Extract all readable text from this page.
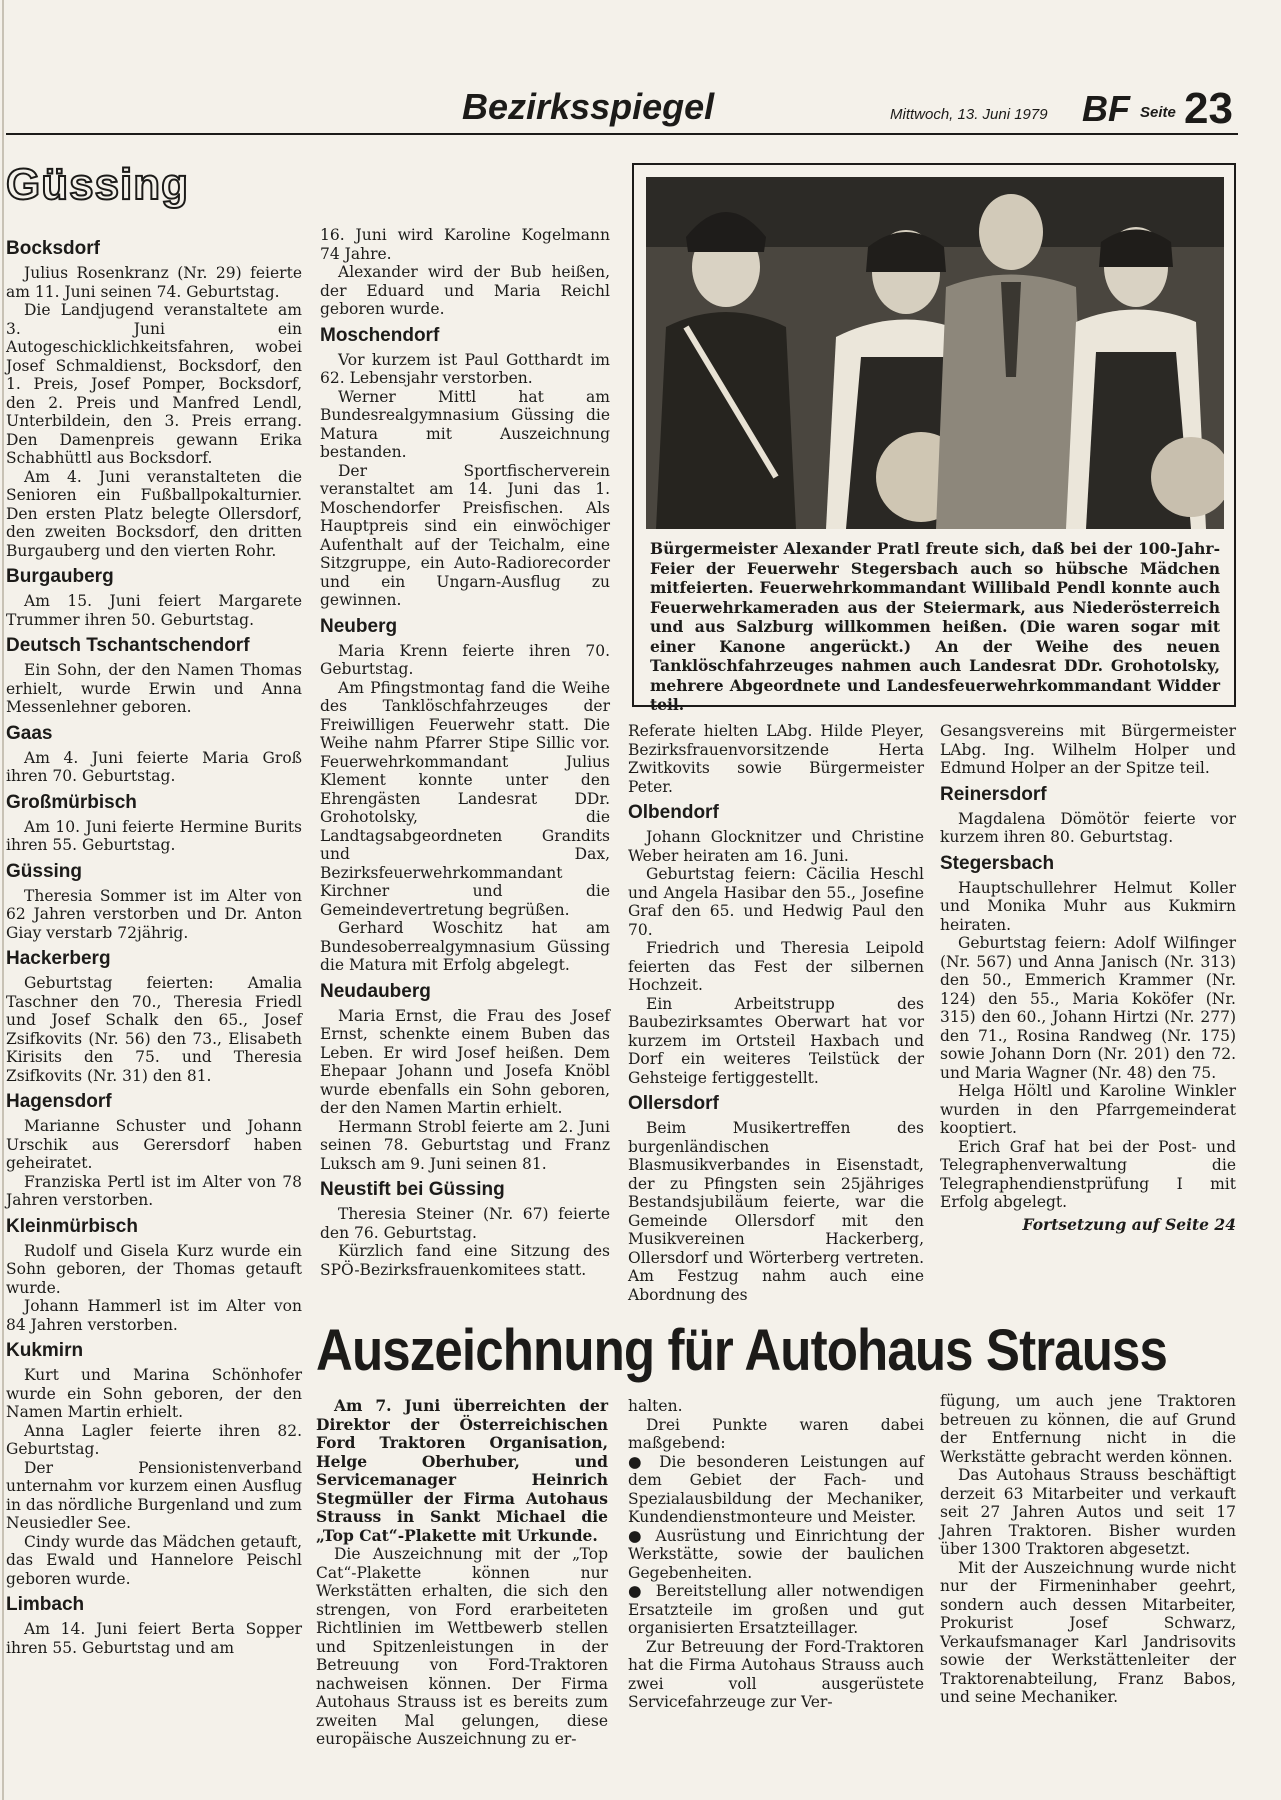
Bezirksspiegel	Mittwoch, 13. Juni 1979 BF Seite 23
Güssing
Bocksdorf

Julius Rosenkranz (Nr. 29) feierte am 11. Juni seinen 74. Geburtstag.

Die Landjugend veranstaltete am 3. Juni ein Autogeschicklichkeitsfahren, wobei Josef Schmaldienst, Bocksdorf, den 1. Preis, Josef Pomper, Bocksdorf, den 2. Preis und Manfred Lendl, Unterbildein, den 3. Preis errang. Den Damenpreis gewann Erika Schabhüttl aus Bocksdorf.

Am 4. Juni veranstalteten die Senioren ein Fußballpokalturnier. Den ersten Platz belegte Ollersdorf, den zweiten Bocksdorf, den dritten Burgauberg und den vierten Rohr.

Burgauberg

Am 15. Juni feiert Margarete Trummer ihren 50. Geburtstag.

Deutsch Tschantschendorf

Ein Sohn, der den Namen Thomas erhielt, wurde Erwin und Anna Messenlehner geboren.

Gaas

Am 4. Juni feierte Maria Groß ihren 70. Geburtstag.

Großmürbisch

Am 10. Juni feierte Hermine Burits ihren 55. Geburtstag.

Güssing

Theresia Sommer ist im Alter von 62 Jahren verstorben und Dr. Anton Giay verstarb 72jährig.

Hackerberg

Geburtstag feierten: Amalia Taschner den 70., Theresia Friedl und Josef Schalk den 65., Josef Zsifkovits (Nr. 56) den 73., Elisabeth Kirisits den 75. und Theresia Zsifkovits (Nr. 31) den 81.

Hagensdorf

Marianne Schuster und Johann Urschik aus Gerersdorf haben geheiratet.

Franziska Pertl ist im Alter von 78 Jahren verstorben.

Kleinmürbisch

Rudolf und Gisela Kurz wurde ein Sohn geboren, der Thomas getauft wurde.

Johann Hammerl ist im Alter von 84 Jahren verstorben.

Kukmirn

Kurt und Marina Schönhofer wurde ein Sohn geboren, der den Namen Martin erhielt.

Anna Lagler feierte ihren 82. Geburtstag.

Der Pensionistenverband unternahm vor kurzem einen Ausflug in das nördliche Burgenland und zum Neusiedler See.

Cindy wurde das Mädchen getauft, das Ewald und Hannelore Peischl geboren wurde.

Limbach

Am 14. Juni feiert Berta Sopper ihren 55. Geburtstag und am

16. Juni wird Karoline Kogelmann 74 Jahre.

Alexander wird der Bub heißen, der Eduard und Maria Reichl geboren wurde.

Moschendorf

Vor kurzem ist Paul Gotthardt im 62. Lebensjahr verstorben.

Werner Mittl hat am Bundesrealgymnasium Güssing die Matura mit Auszeichnung bestanden.

Der Sportfischerverein veranstaltet am 14. Juni das 1. Moschendorfer Preisfischen. Als Hauptpreis sind ein einwöchiger Aufenthalt auf der Teichalm, eine Sitzgruppe, ein Auto-Radiorecorder und ein Ungarn-Ausflug zu gewinnen.

Neuberg

Maria Krenn feierte ihren 70. Geburtstag.

Am Pfingstmontag fand die Weihe des Tanklöschfahrzeuges der Freiwilligen Feuerwehr statt. Die Weihe nahm Pfarrer Stipe Sillic vor. Feuerwehrkommandant Julius Klement konnte unter den Ehrengästen Landesrat DDr. Grohotolsky, die Landtagsabgeordneten Grandits und Dax, Bezirksfeuerwehrkommandant Kirchner und die Gemeindevertretung begrüßen.

Gerhard Woschitz hat am Bundesoberrealgymnasium Güssing die Matura mit Erfolg abgelegt.

Neudauberg

Maria Ernst, die Frau des Josef Ernst, schenkte einem Buben das Leben. Er wird Josef heißen. Dem Ehepaar Johann und Josefa Knöbl wurde ebenfalls ein Sohn geboren, der den Namen Martin erhielt.

Hermann Strobl feierte am 2. Juni seinen 78. Geburtstag und Franz Luksch am 9. Juni seinen 81.

Neustift bei Güssing

Theresia Steiner (Nr. 67) feierte den 76. Geburtstag.

Kürzlich fand eine Sitzung des SPÖ-Bezirksfrauenkomitees statt.

Bürgermeister Alexander Pratl freute sich, daß bei der 100-Jahr-Feier der Feuerwehr Stegersbach auch so hübsche Mädchen mitfeierten. Feuerwehrkommandant Willibald Pendl konnte auch Feuerwehrkameraden aus der Steiermark, aus Niederösterreich und aus Salzburg willkommen heißen. (Die waren sogar mit einer Kanone angerückt.) An der Weihe des neuen Tanklöschfahrzeuges nahmen auch Landesrat DDr. Grohotolsky, mehrere Abgeordnete und Landesfeuerwehrkommandant Widder teil.

Referate hielten LAbg. Hilde Pleyer, Bezirksfrauenvorsitzende Herta Zwitkovits sowie Bürgermeister Peter.

Olbendorf

Johann Glocknitzer und Christine Weber heiraten am 16. Juni.

Geburtstag feiern: Cäcilia Heschl und Angela Hasibar den 55., Josefine Graf den 65. und Hedwig Paul den 70.

Friedrich und Theresia Leipold feierten das Fest der silbernen Hochzeit.

Ein Arbeitstrupp des Baubezirksamtes Oberwart hat vor kurzem im Ortsteil Haxbach und Dorf ein weiteres Teilstück der Gehsteige fertiggestellt.

Ollersdorf

Beim Musikertreffen des burgenländischen Blasmusikverbandes in Eisenstadt, der zu Pfingsten sein 25jähriges Bestandsjubiläum feierte, war die Gemeinde Ollersdorf mit den Musikvereinen Hackerberg, Ollersdorf und Wörterberg vertreten. Am Festzug nahm auch eine Abordnung des

Gesangsvereins mit Bürgermeister LAbg. Ing. Wilhelm Holper und Edmund Holper an der Spitze teil.

Reinersdorf

Magdalena Dömötör feierte vor kurzem ihren 80. Geburtstag.

Stegersbach

Hauptschullehrer Helmut Koller und Monika Muhr aus Kukmirn heiraten.

Geburtstag feiern: Adolf Wilfinger (Nr. 567) und Anna Janisch (Nr. 313) den 50., Emmerich Krammer (Nr. 124) den 55., Maria Koköfer (Nr. 315) den 60., Johann Hirtzi (Nr. 277) den 71., Rosina Randweg (Nr. 175) sowie Johann Dorn (Nr. 201) den 72. und Maria Wagner (Nr. 48) den 75.

Helga Höltl und Karoline Winkler wurden in den Pfarrgemeinderat kooptiert.

Erich Graf hat bei der Post- und Telegraphenverwaltung die Telegraphendienstprüfung I mit Erfolg abgelegt.

Fortsetzung auf Seite 24

Auszeichnung für Autohaus Strauss

Am 7. Juni überreichten der Direktor der Österreichischen Ford Traktoren Organisation, Helge Oberhuber, und Servicemanager Heinrich Stegmüller der Firma Autohaus Strauss in Sankt Michael die „Top Cat“-Plakette mit Urkunde.

Die Auszeichnung mit der „Top Cat“-Plakette können nur Werkstätten erhalten, die sich den strengen, von Ford erarbeiteten Richtlinien im Wettbewerb stellen und Spitzenleistungen in der Betreuung von Ford-Traktoren nachweisen können. Der Firma Autohaus Strauss ist es bereits zum zweiten Mal gelungen, diese europäische Auszeichnung zu er-

halten.

Drei Punkte waren dabei maßgebend:

● Die besonderen Leistungen auf dem Gebiet der Fach- und Spezialausbildung der Mechaniker, Kundendienstmonteure und Meister.

● Ausrüstung und Einrichtung der Werkstätte, sowie der baulichen Gegebenheiten.

● Bereitstellung aller notwendigen Ersatzteile im großen und gut organisierten Ersatzteillager.

Zur Betreuung der Ford-Traktoren hat die Firma Autohaus Strauss auch zwei voll ausgerüstete Servicefahrzeuge zur Ver-

fügung, um auch jene Traktoren betreuen zu können, die auf Grund der Entfernung nicht in die Werkstätte gebracht werden können.

Das Autohaus Strauss beschäftigt derzeit 63 Mitarbeiter und verkauft seit 27 Jahren Autos und seit 17 Jahren Traktoren. Bisher wurden über 1300 Traktoren abgesetzt.

Mit der Auszeichnung wurde nicht nur der Firmeninhaber geehrt, sondern auch dessen Mitarbeiter, Prokurist Josef Schwarz, Verkaufsmanager Karl Jandrisovits sowie der Werkstättenleiter der Traktorenabteilung, Franz Babos, und seine Mechaniker.
